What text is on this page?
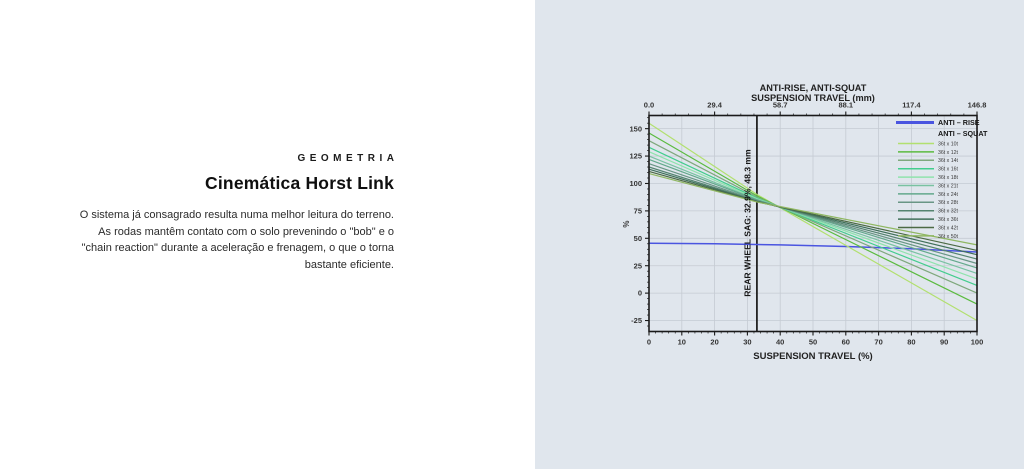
GEOMETRIA
Cinemática Horst Link
O sistema já consagrado resulta numa melhor leitura do terreno.
As rodas mantêm contato com o solo prevenindo o "bob" e o
"chain reaction" durante a aceleração e frenagem, o que o torna
bastante eficiente.
ANTI-RISE, ANTI-SQUAT
SUSPENSION TRAVEL (mm)
0.0	29.4	58.7	88.1	117.4	146.8
0	10	20	30	40	50	60	70	80	90	100
SUSPENSION TRAVEL (%)
150
125
100
75
50
25
0
-25
%	REAR WHEEL SAG: 32.9%, 48.3 mm
ANTI – RISE
ANTI – SQUAT
36t x 10t
36t x 12t
36t x 14t
36t x 16t
36t x 18t
36t x 21t
36t x 24t
36t x 28t
36t x 32t
36t x 36t
36t x 42t
36t x 50t
